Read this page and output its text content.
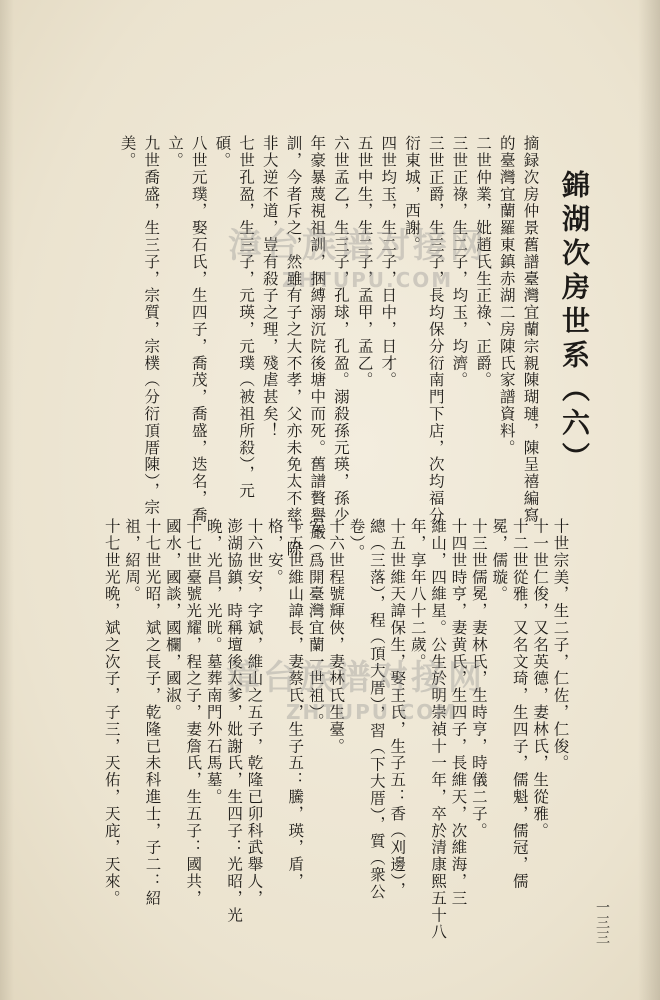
錦湖次房世系（六）
摘録次房仲景舊譜臺灣宜蘭宗親陳瑚璉，陳呈禧編寫
的臺灣宜蘭羅東鎮赤湖二房陳氏家譜資料。
二世仲業，妣趙氏生正祿、正爵。
三世正祿，生二子，均玉，均濟。
三世正爵，生三子，長均保分衍南門下店，次均福分
衍東城，西謝。
四世均玉，生二子，日中，日才。
五世中生，生二子，孟甲，孟乙。
六世孟乙，生三子，孔球，孔盈。溺殺孫元瑛，孫少
年豪暴蔑視祖訓，捆縛溺沉院後塘中而死。舊譜贅譽嚴
訓，今者斥之，然雖有子之大不孝，父亦未免太不慈。除
非大逆不道，豈有殺子之理，殘虐甚矣！
七世孔盈，生三子，元瑛，元璞（被祖所殺），元
碩。
八世元璞，娶石氏，生四子，喬茂，喬盛，迭名，喬
立。
九世喬盛，生三子，宗質，宗樸（分衍頂厝陳），宗
美。
十世宗美，生二子，仁佐，仁俊。
十一世仁俊，又名英德，妻林氏，生從雅。
十二世從雅，又名文琦，生四子，儒魁，儒冠，儒
冕，儒璇。
十三世儒冕，妻林氏，生時亨，時儀二子。
十四世時亨，妻黄氏，生四子，長維天，次維海，三
維山，四維星。公生於明崇禎十一年，卒於清康熙五十八
年，享年八十二歲。
十五世維天諱保生，娶王氏，生子五：香（刈邊），
總（三落），程（頂大厝），習（下大厝），質（衆公
卷）。
十六世程號輝俠，妻林氏生臺。
安（爲開臺灣宜蘭一世祖）。
十五世維山諱長，妻蔡氏，生子五：騰，瑛，盾，
格，安。
十六世安，字斌，維山之五子，乾隆已卯科武舉人，
澎湖協鎮，時稱壇後太爹，妣謝氏，生四子：光昭，光
晚，光昌，光晄。墓葬南門外石馬墓。
十七世臺號光耀，程之子，妻詹氏，生五子：國共，
國水，國談，國欄，國淑。
十七世光昭，斌之長子，乾隆已未科進士，子二：紹
祖，紹周。
十七世光晩，斌之次子，子三，天佑，天庇，天來。
一三三
漳台族谱对接网
ZHTUPU.COM
漳台族谱对接网
ZHTUPU.COM
